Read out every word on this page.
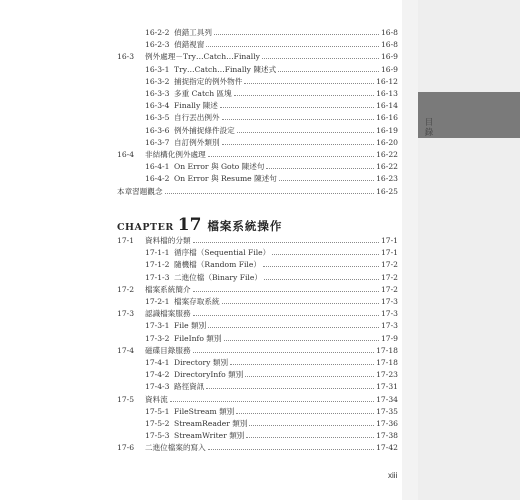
目錄
16-2-2 偵錯工具列	16-8
16-2-3 偵錯視窗	16-8
16-3	例外處理－Try…Catch…Finally	16-9
16-3-1 Try…Catch…Finally 陳述式	16-9
16-3-2 捕捉指定的例外物件	16-12
16-3-3 多重 Catch 區塊	16-13
16-3-4 Finally 陳述	16-14
16-3-5 自行丟出例外	16-16
16-3-6 例外捕捉條件設定	16-19
16-3-7 自訂例外類別	16-20
16-4	非結構化例外處理	16-22
16-4-1 On Error 與 Goto 陳述句	16-22
16-4-2 On Error 與 Resume 陳述句	16-23
本章習題觀念	16-25
CHAPTER 17 檔案系統操作
17-1	資料檔的分類	17-1
17-1-1 循序檔（Sequential File）	17-1
17-1-2 隨機檔（Random File）	17-2
17-1-3 二進位檔（Binary File）	17-2
17-2	檔案系統簡介	17-2
17-2-1 檔案存取系統	17-3
17-3	認識檔案服務	17-3
17-3-1 File 類別	17-3
17-3-2 FileInfo 類別	17-9
17-4	磁碟目錄服務	17-18
17-4-1 Directory 類別	17-18
17-4-2 DirectoryInfo 類別	17-23
17-4-3 路徑資訊	17-31
17-5	資料流	17-34
17-5-1 FileStream 類別	17-35
17-5-2 StreamReader 類別	17-36
17-5-3 StreamWriter 類別	17-38
17-6	二進位檔案的寫入	17-42
xiii
